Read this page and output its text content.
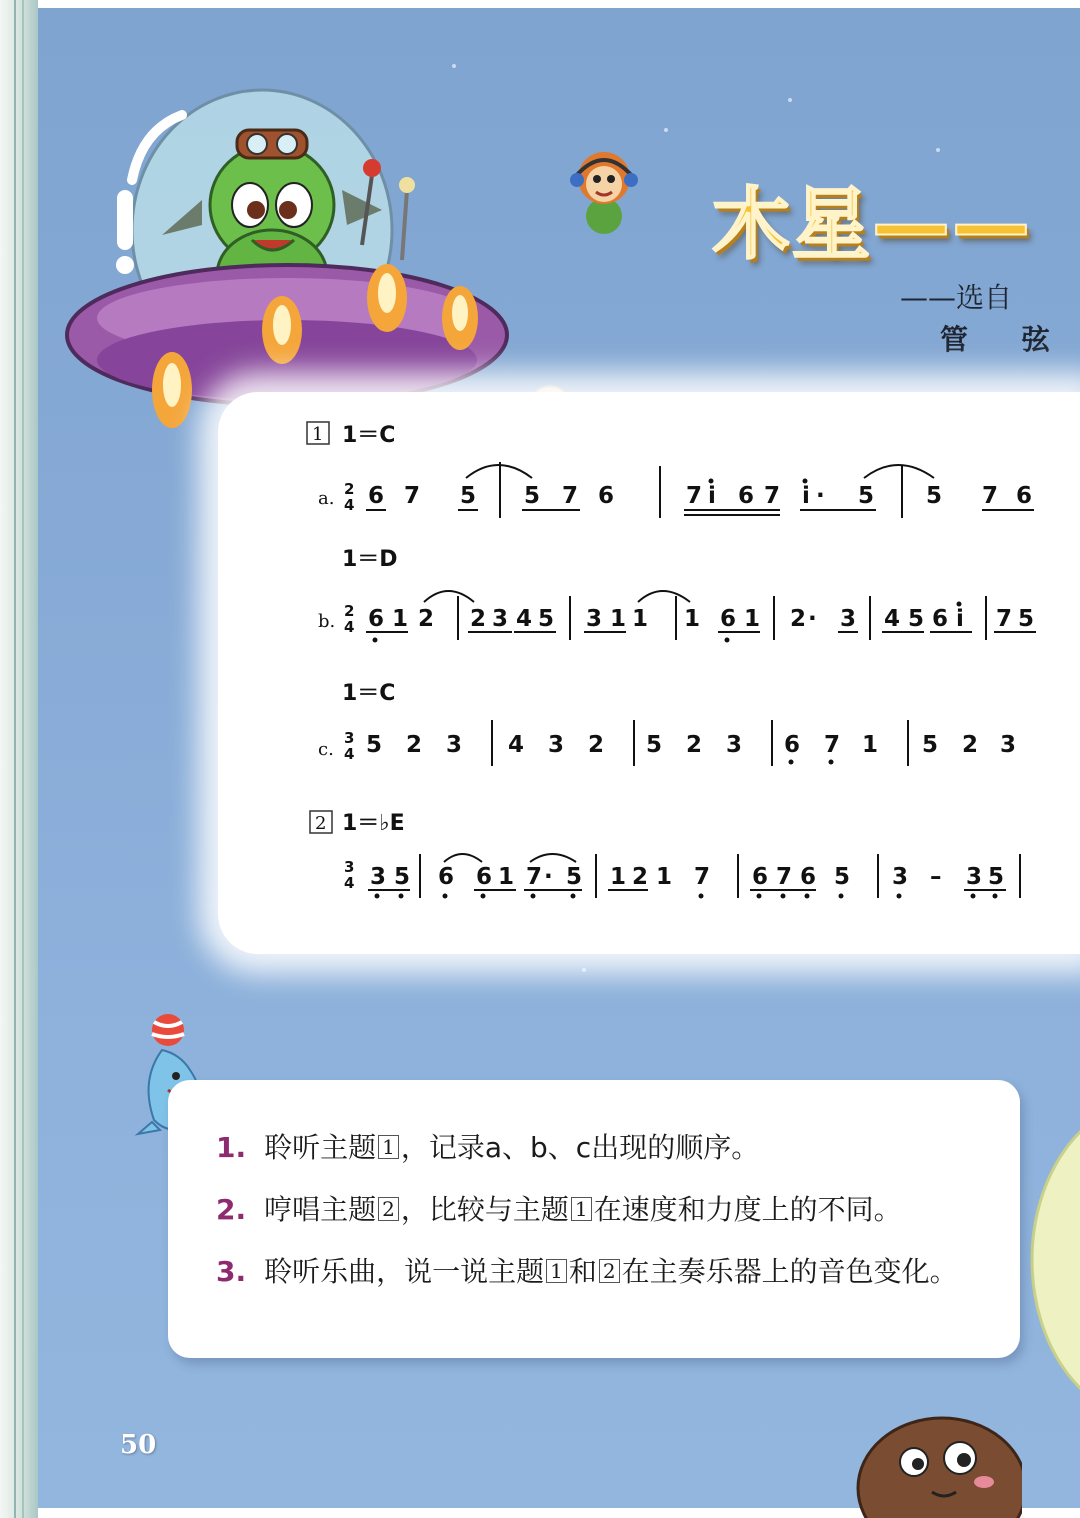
木星——
——选自
管 弦
1 1＝C
a. 2
4 6 7 5 5 7 6	7 i 6 7 i · 5 5 7 6
1＝D
b. 2
4 6 1 2 2 3 4 5 3 1 1 1 6 1 2 · 3 4 5 6 i 7 5
1＝C
c.
3
4 5 2 3 4 3 2 5 2 3 6 7 1 5 2 3
2 1＝♭E
3
4 3 5 6 6 1 7 · 5 1 2 1 7 6 7 6 5 3 – 3 5
1. 聆听主题 1 ，记录a、b、c出现的顺序。
2. 哼唱主题 2 ，比较与主题 1 在速度和力度上的不同。
3. 聆听乐曲，说一说主题 1 和 2 在主奏乐器上的音色变化。
50
